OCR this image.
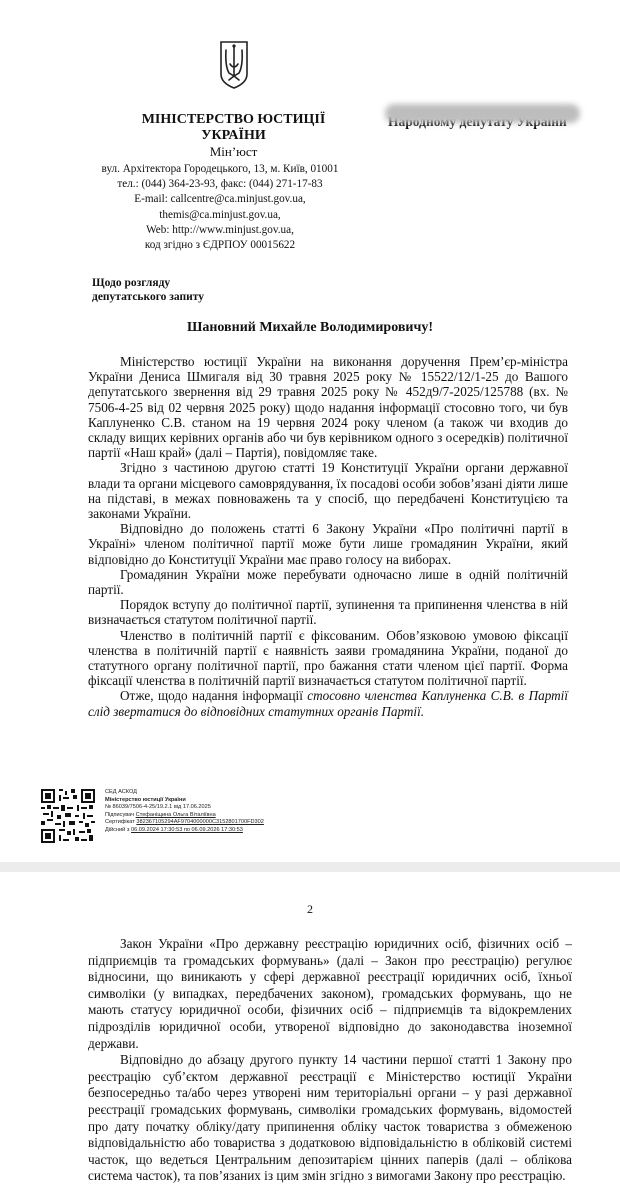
МІНІСТЕРСТВО ЮСТИЦІЇ
УКРАЇНИ
Мін’юст
вул. Архітектора Городецького, 13, м. Київ, 01001
тел.: (044) 364-23-93, факс: (044) 271-17-83
E-mail: callcentre@ca.minjust.gov.ua,
themis@ca.minjust.gov.ua,
Web: http://www.minjust.gov.ua,
код згідно з ЄДРПОУ 00015622
Щодо розгляду
депутатського запиту
Шановний Михайле Володимировичу!

Міністерство юстиції України на виконання доручення Прем’єр-міністра України Дениса Шмигаля від 30 травня 2025 року № 15522/12/1-25 до Вашого депутатського звернення від 29 травня 2025 року № 452д9/7-2025/125788 (вх. № 7506-4-25 від 02 червня 2025 року) щодо надання інформації стосовно того, чи був Каплуненко С.В. станом на 19 червня 2024 року членом (а також чи входив до складу вищих керівних органів або чи був керівником одного з осередків) політичної партії «Наш край» (далі – Партія), повідомляє таке.

Згідно з частиною другою статті 19 Конституції України органи державної влади та органи місцевого самоврядування, їх посадові особи зобов’язані діяти лише на підставі, в межах повноважень та у спосіб, що передбачені Конституцією та законами України.

Відповідно до положень статті 6 Закону України «Про політичні партії в Україні» членом політичної партії може бути лише громадянин України, який відповідно до Конституції України має право голосу на виборах.

Громадянин України може перебувати одночасно лише в одній політичній партії.

Порядок вступу до політичної партії, зупинення та припинення членства в ній визначається статутом політичної партії.

Членство в політичній партії є фіксованим. Обов’язковою умовою фіксації членства в політичній партії є наявність заяви громадянина України, поданої до статутного органу політичної партії, про бажання стати членом цієї партії. Форма фіксації членства в політичній партії визначається статутом політичної партії.

Отже, щодо надання інформації стосовно членства Каплуненка С.В. в Партії слід звертатися до відповідних статутних органів Партії.

СЕД АСКОД
Міністерство юстиції України
№ 86039/7506-4-25/19.2.1 від 17.06.2025
Підписувач Стефаніщина Ольга Віталіївна
Сертифікат 382367105294AF9704000000C3152801700FD302
Дійсний з 06.09.2024 17:30:53 по 06.09.2026 17:30:53
2

Закон України «Про державну реєстрацію юридичних осіб, фізичних осіб – підприємців та громадських формувань» (далі – Закон про реєстрацію) регулює відносини, що виникають у сфері державної реєстрації юридичних осіб, їхньої символіки (у випадках, передбачених законом), громадських формувань, що не мають статусу юридичної особи, фізичних осіб – підприємців та відокремлених підрозділів юридичної особи, утвореної відповідно до законодавства іноземної держави.

Відповідно до абзацу другого пункту 14 частини першої статті 1 Закону про реєстрацію суб’єктом державної реєстрації є Міністерство юстиції України безпосередньо та/або через утворені ним територіальні органи – у разі державної реєстрації громадських формувань, символіки громадських формувань, відомостей про дату початку обліку/дату припинення обліку часток товариства з обмеженою відповідальністю або товариства з додатковою відповідальністю в обліковій системі часток, що ведеться Центральним депозитарієм цінних паперів (далі – облікова система часток), та пов’язаних із цим змін згідно з вимогами Закону про реєстрацію.
